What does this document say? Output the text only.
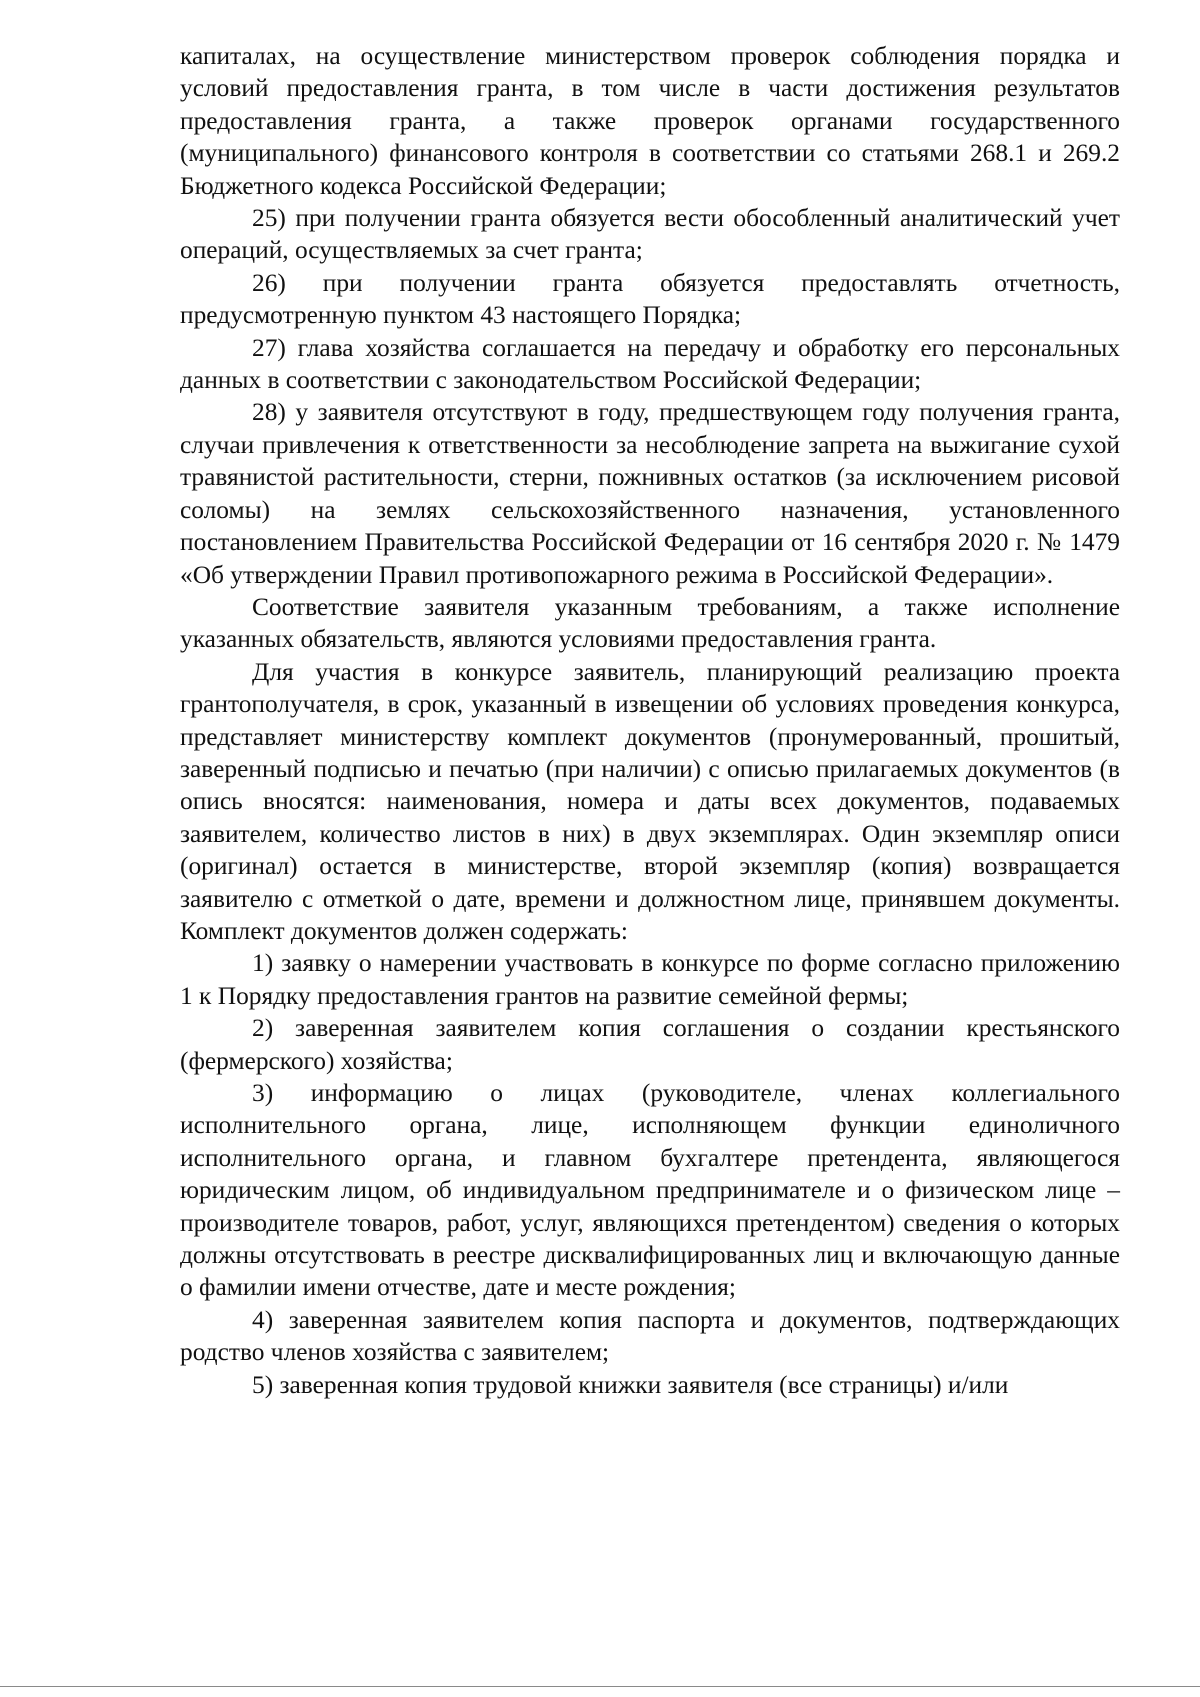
капиталах, на осуществление министерством проверок соблюдения порядка и условий предоставления гранта, в том числе в части достижения результатов предоставления гранта, а также проверок органами государственного (муниципального) финансового контроля в соответствии со статьями 268.1 и 269.2 Бюджетного кодекса Российской Федерации;

25) при получении гранта обязуется вести обособленный аналитический учет операций, осуществляемых за счет гранта;

26) при получении гранта обязуется предоставлять отчетность, предусмотренную пунктом 43 настоящего Порядка;

27) глава хозяйства соглашается на передачу и обработку его персональных данных в соответствии с законодательством Российской Федерации;

28) у заявителя отсутствуют в году, предшествующем году получения гранта, случаи привлечения к ответственности за несоблюдение запрета на выжигание сухой травянистой растительности, стерни, пожнивных остатков (за исключением рисовой соломы) на землях сельскохозяйственного назначения, установленного постановлением Правительства Российской Федерации от 16 сентября 2020 г. № 1479 «Об утверждении Правил противопожарного режима в Российской Федерации».

Соответствие заявителя указанным требованиям, а также исполнение указанных обязательств, являются условиями предоставления гранта.

Для участия в конкурсе заявитель, планирующий реализацию проекта грантополучателя, в срок, указанный в извещении об условиях проведения конкурса, представляет министерству комплект документов (пронумерованный, прошитый, заверенный подписью и печатью (при наличии) с описью прилагаемых документов (в опись вносятся: наименования, номера и даты всех документов, подаваемых заявителем, количество листов в них) в двух экземплярах. Один экземпляр описи (оригинал) остается в министерстве, второй экземпляр (копия) возвращается заявителю с отметкой о дате, времени и должностном лице, принявшем документы. Комплект документов должен содержать:

1) заявку о намерении участвовать в конкурсе по форме согласно приложению 1 к Порядку предоставления грантов на развитие семейной фермы;

2) заверенная заявителем копия соглашения о создании крестьянского (фермерского) хозяйства;

3) информацию о лицах (руководителе, членах коллегиального исполнительного органа, лице, исполняющем функции единоличного исполнительного органа, и главном бухгалтере претендента, являющегося юридическим лицом, об индивидуальном предпринимателе и о физическом лице – производителе товаров, работ, услуг, являющихся претендентом) сведения о которых должны отсутствовать в реестре дисквалифицированных лиц и включающую данные о фамилии имени отчестве, дате и месте рождения;

4) заверенная заявителем копия паспорта и документов, подтверждающих родство членов хозяйства с заявителем;

5) заверенная копия трудовой книжки заявителя (все страницы) и/или
